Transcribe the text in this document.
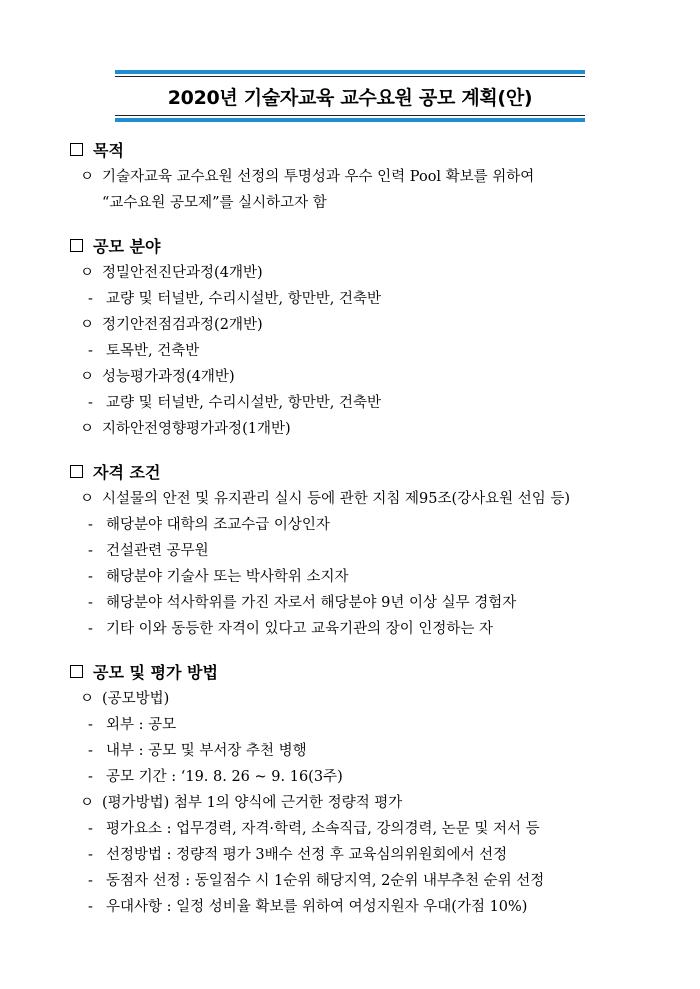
2020년 기술자교육 교수요원 공모 계획(안)
목적
ㅇ 기술자교육 교수요원 선정의 투명성과 우수 인력 Pool 확보를 위하여
“교수요원 공모제”를 실시하고자 함
공모 분야
ㅇ 정밀안전진단과정(4개반)
- 교량 및 터널반, 수리시설반, 항만반, 건축반
ㅇ 정기안전점검과정(2개반)
- 토목반, 건축반
ㅇ 성능평가과정(4개반)
- 교량 및 터널반, 수리시설반, 항만반, 건축반
ㅇ 지하안전영향평가과정(1개반)
자격 조건
ㅇ 시설물의 안전 및 유지관리 실시 등에 관한 지침 제95조(강사요원 선임 등)
- 해당분야 대학의 조교수급 이상인자
- 건설관련 공무원
- 해당분야 기술사 또는 박사학위 소지자
- 해당분야 석사학위를 가진 자로서 해당분야 9년 이상 실무 경험자
- 기타 이와 동등한 자격이 있다고 교육기관의 장이 인정하는 자
공모 및 평가 방법
ㅇ (공모방법)
- 외부 : 공모
- 내부 : 공모 및 부서장 추천 병행
- 공모 기간 : ‘19. 8. 26 ~ 9. 16(3주)
ㅇ (평가방법) 첨부 1의 양식에 근거한 정량적 평가
- 평가요소 : 업무경력, 자격·학력, 소속직급, 강의경력, 논문 및 저서 등
- 선정방법 : 정량적 평가 3배수 선정 후 교육심의위원회에서 선정
- 동점자 선정 : 동일점수 시 1순위 해당지역, 2순위 내부추천 순위 선정
- 우대사항 : 일정 성비율 확보를 위하여 여성지원자 우대(가점 10%)
